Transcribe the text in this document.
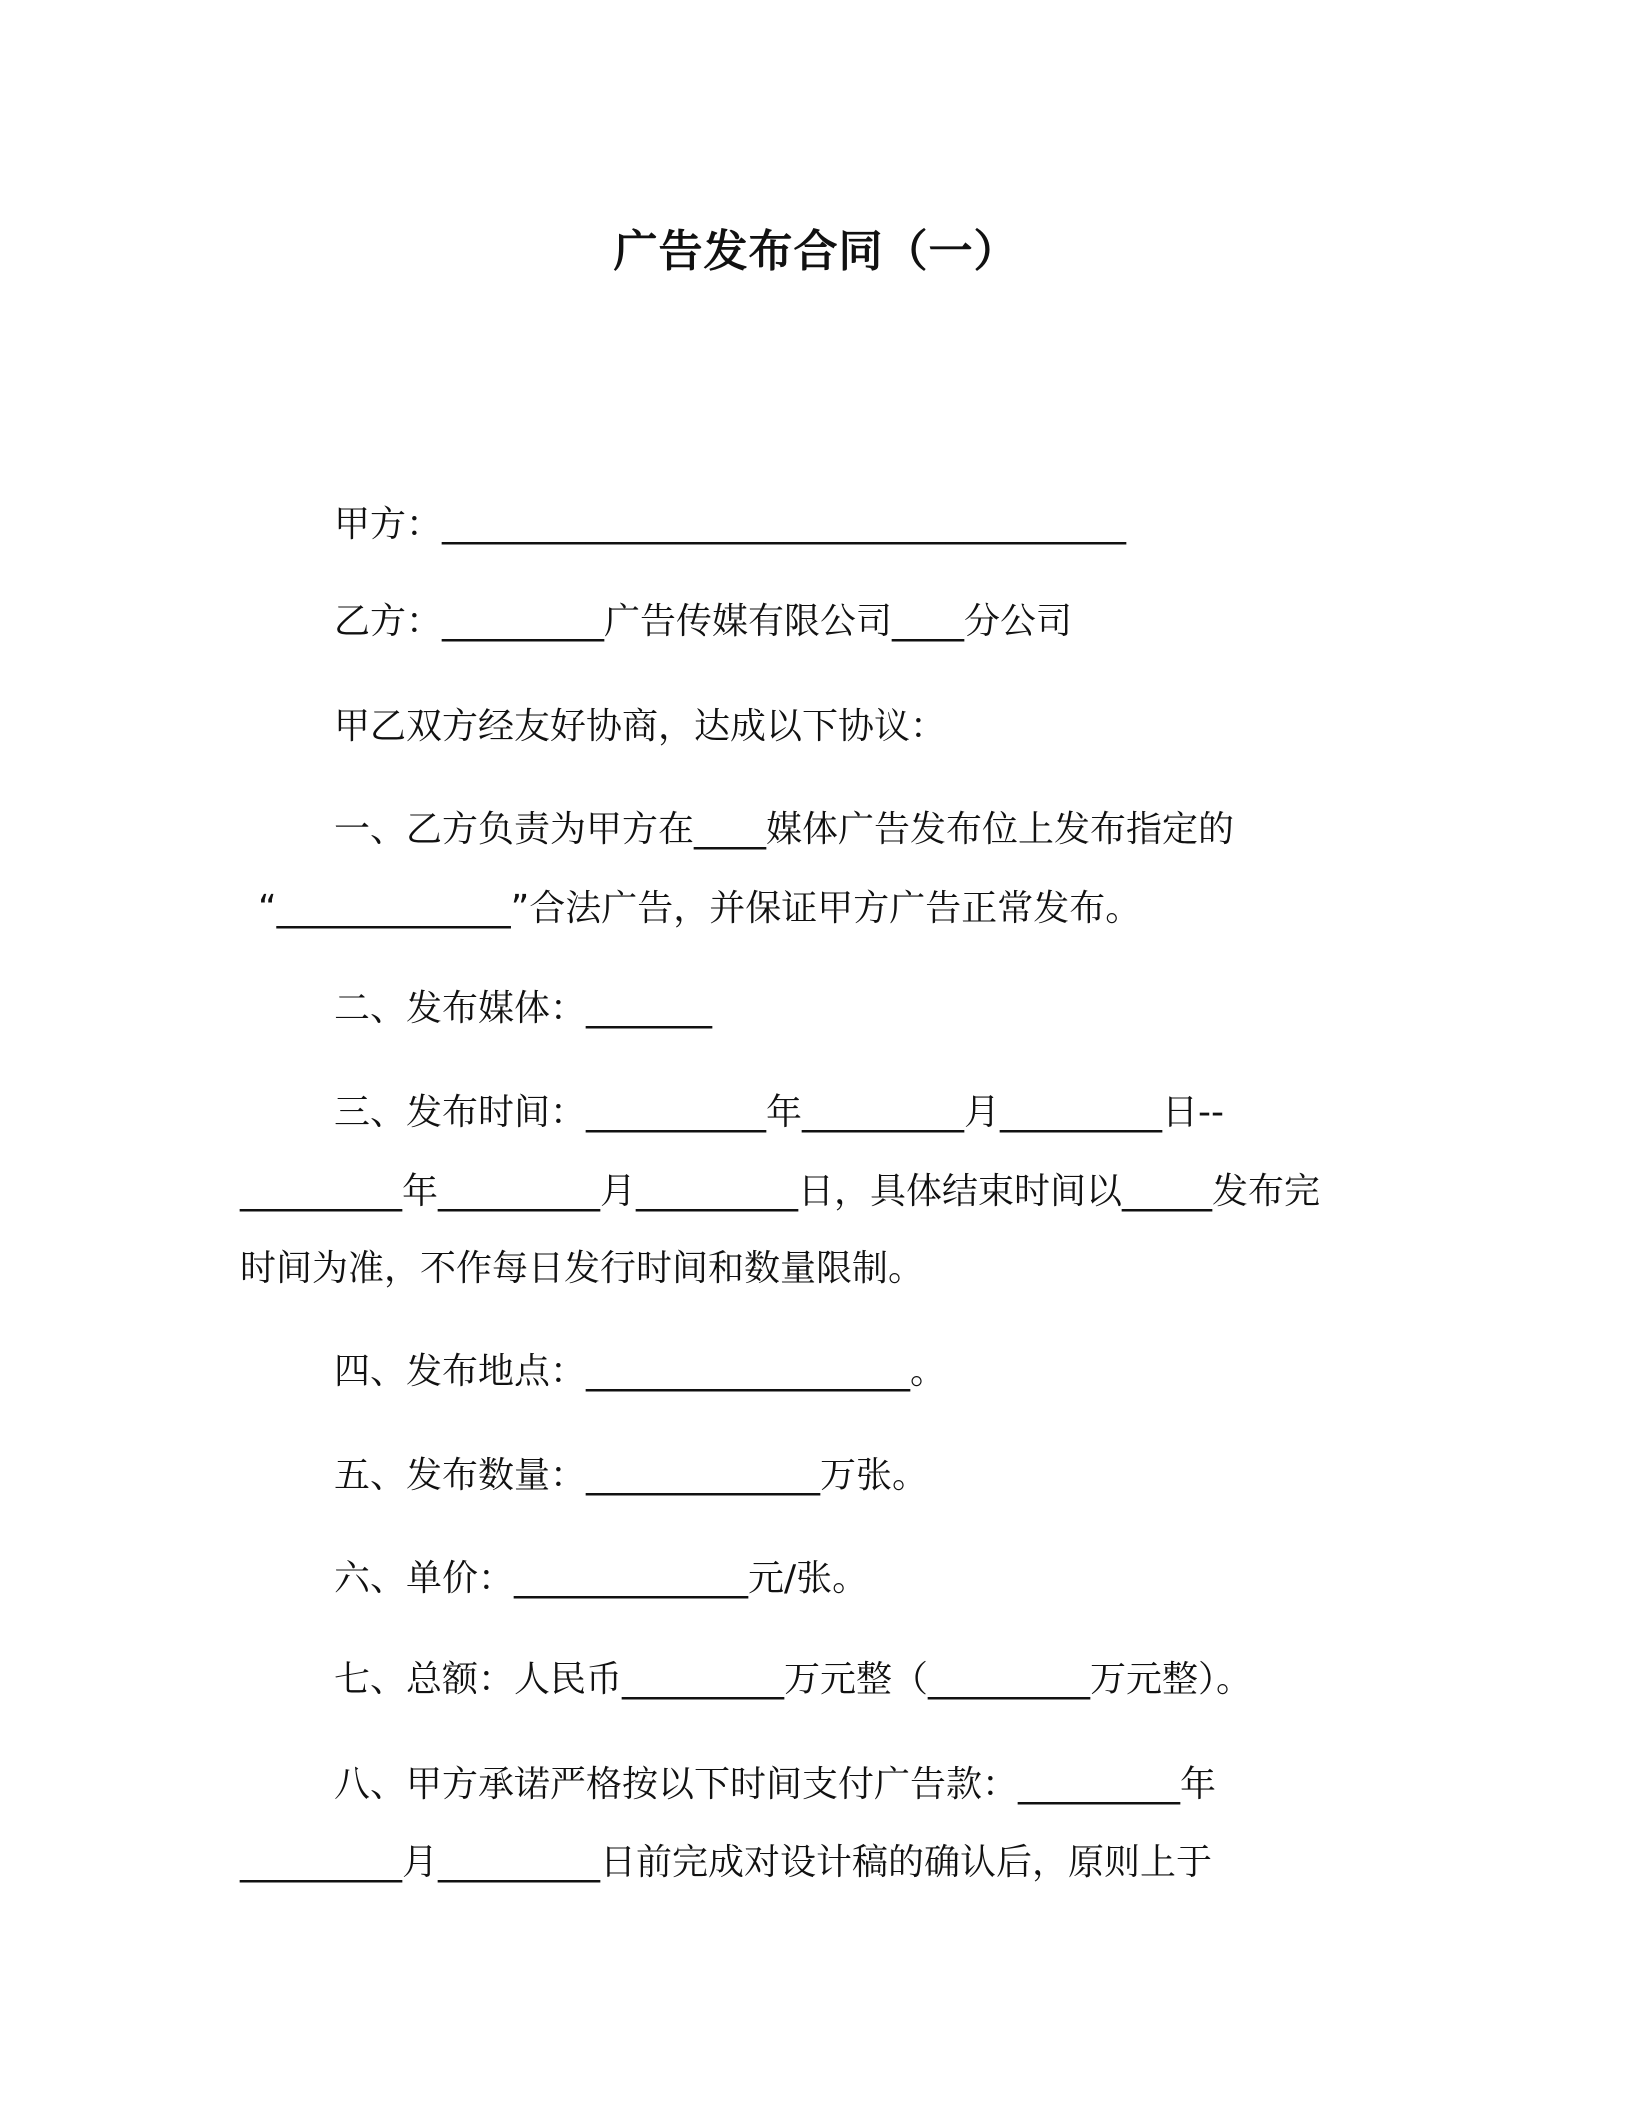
广告发布合同（一）

甲方：______________________________________

乙方：_________广告传媒有限公司____分公司

甲乙双方经友好协商，达成以下协议：

一、乙方负责为甲方在____媒体广告发布位上发布指定的

“_____________”合法广告，并保证甲方广告正常发布。

二、发布媒体：_______

三、发布时间：__________年_________月_________日--

_________年_________月_________日，具体结束时间以_____发布完

时间为准，不作每日发行时间和数量限制。

四、发布地点：__________________。

五、发布数量：_____________万张。

六、单价：_____________元/张。

七、总额：人民币_________万元整（_________万元整）。

八、甲方承诺严格按以下时间支付广告款：_________年

_________月_________日前完成对设计稿的确认后，原则上于
